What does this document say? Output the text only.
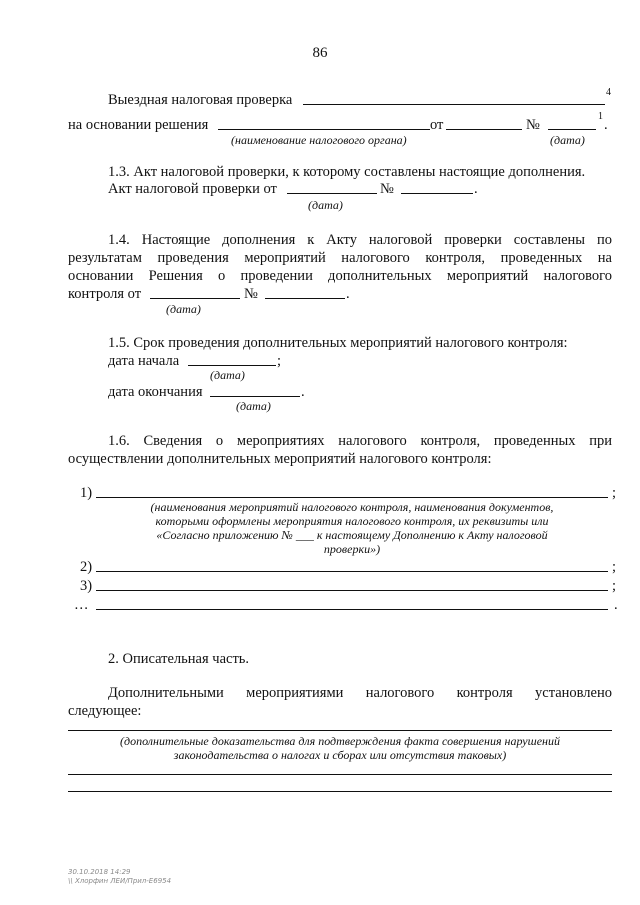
86
Выездная налоговая проверка	4
на основании решения	от	№
1
.
(наименование налогового органа)	(дата)
1.3. Акт налоговой проверки, к которому составлены настоящие дополнения.
Акт налоговой проверки от	№	.
(дата)
1.4. Настоящие дополнения к Акту налоговой проверки составлены по
результатам проведения мероприятий налогового контроля, проведенных на
основании Решения о проведении дополнительных мероприятий налогового
контроля от	№	.
(дата)
1.5. Срок проведения дополнительных мероприятий налогового контроля:
дата начала	;
(дата)
дата окончания	.
(дата)
1.6. Сведения о мероприятиях налогового контроля, проведенных при
осуществлении дополнительных мероприятий налогового контроля:
1)	;
(наименования мероприятий налогового контроля, наименования документов,
которыми оформлены мероприятия налогового контроля, их реквизиты или
«Согласно приложению № ___ к настоящему Дополнению к Акту налоговой
проверки»)
2)	;
3)	;
…	.
2. Описательная часть.
Дополнительными мероприятиями налогового контроля установлено
следующее:
(дополнительные доказательства для подтверждения факта совершения нарушений
законодательства о налогах и сборах или отсутствия таковых)
30.10.2018 14:29
\\ Хлорфин ЛЕИ/Прил-Е6954
